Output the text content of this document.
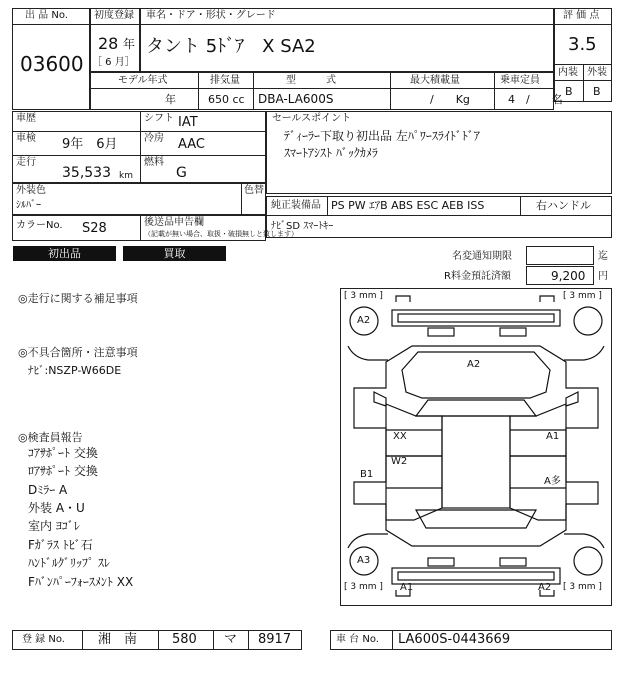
出 品 No.
03600
初度登録
28 年
［ 6 月］
車名・ドア・形状・グレード
タント 5ﾄﾞｱ　X SA2
評 価 点
3.5
内装 外装
B B
モデル年式
年
排気量
650 cc
型　　　式
DBA-LA600S
最大積載量
/　　Kg
乗車定員
4　/　　名
車歴	シフト IAT
車検 9年　6月	冷房 AAC
走行
35,533 km
燃料
G
セールスポイント
ﾃﾞｨｰﾗｰ下取り初出品 左ﾊﾟﾜｰｽﾗｲﾄﾞﾄﾞｱ
ｽﾏｰﾄｱｼｽﾄ ﾊﾞｯｸｶﾒﾗ
外装色
ｼﾙﾊﾞｰ
色替
純正装備品 PS PW ｴｱB ABS ESC AEB ISS	右ハンドル
ﾅﾋﾞSD ｽﾏｰﾄｷｰ
カラーNo. S28	後送品申告欄
（記載が無い場合、取扱・破損無しと致します）
初出品	買取	名変通知期限	迄
R料金預託済額	9,200 円
◎走行に関する補足事項
◎不具合箇所・注意事項
ﾅﾋﾞ:NSZP-W66DE
◎検査員報告
ｺｱｻﾎﾟｰﾄ 交換
ﾛｱｻﾎﾟｰﾄ 交換
Dﾐﾗｰ A
外装 A・U
室内 ﾖｺﾞﾚ
Fｶﾞﾗｽ ﾄﾋﾞ石
ﾊﾝﾄﾞﾙｸﾞﾘｯﾌﾟ ｽﾚ
Fﾊﾞﾝﾊﾟｰﾌｫｰｽﾒﾝﾄ XX
[ 3 mm ]	[ 3 mm ]
[ 3 mm ]	[ 3 mm ]
A2
A2
XX
W2
B1
A1
A多
A3
A1	A2
登 録 No.	湘　南	580 マ 8917	車 台 No. LA600S-0443669
